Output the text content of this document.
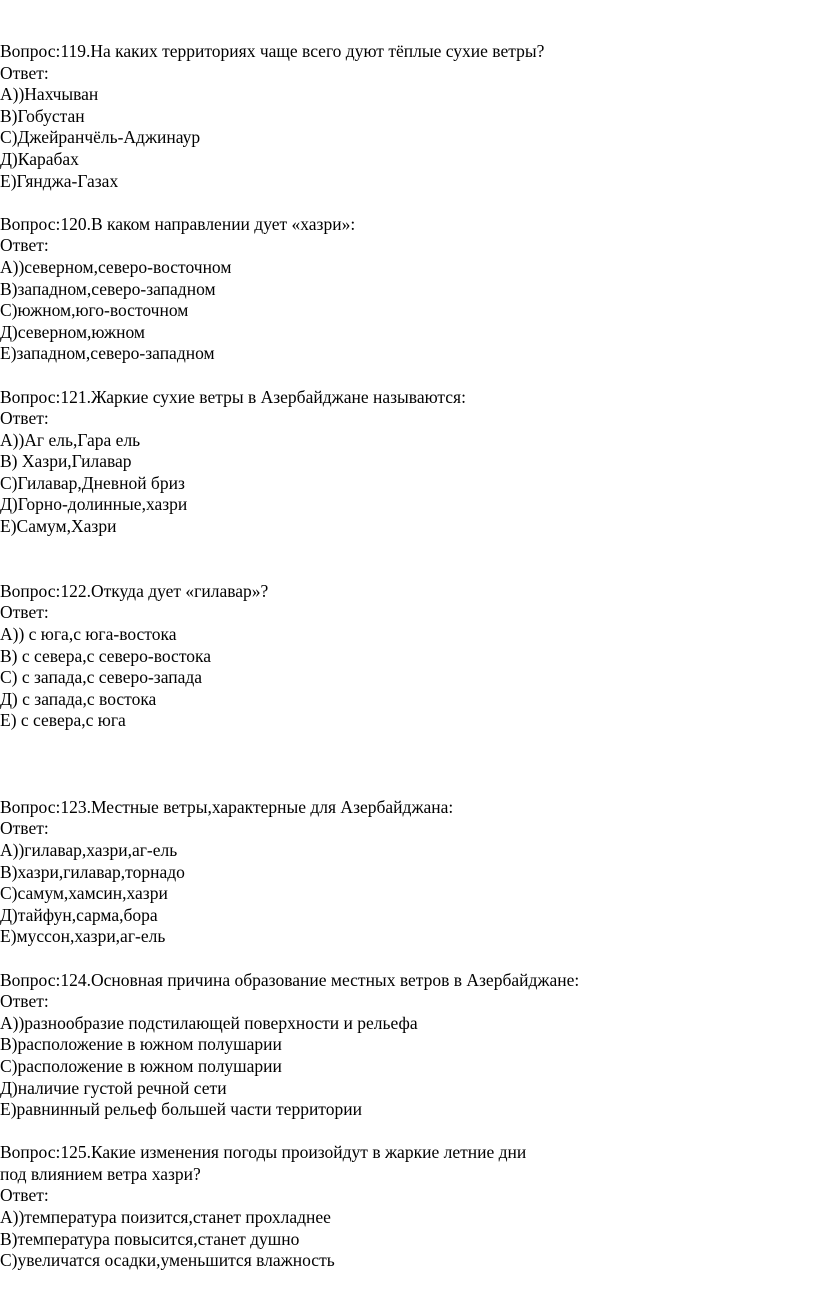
Вопрос:119.На каких территориях чаще всего дуют тёплые сухие ветры?

Ответ:

A))Нахчыван

B)Гобустан

C)Джейранчёль-Аджинаур

Д)Карабах

E)Гянджа-Газах

Вопрос:120.В каком направлении дует «хазри»:

Ответ:

A))северном,северо-восточном

B)западном,северо-западном

C)южном,юго-восточном

Д)северном,южном

E)западном,северо-западном

Вопрос:121.Жаркие сухие ветры в Азербайджане называются:

Ответ:

A))Аг ель,Гара ель

B) Хазри,Гилавар

C)Гилавар,Дневной бриз

Д)Горно-долинные,хазри

E)Самум,Хазри

Вопрос:122.Откуда дует «гилавар»?

Ответ:

A)) с юга,с юга-востока

B) с севера,с северо-востока

C) с запада,с северо-запада

Д) с запада,с востока

E) с севера,с юга

Вопрос:123.Местные ветры,характерные для Азербайджана:

Ответ:

A))гилавар,хазри,аг-ель

B)хазри,гилавар,торнадо

C)самум,хамсин,хазри

Д)тайфун,сарма,бора

E)муссон,хазри,аг-ель

Вопрос:124.Основная причина образование местных ветров в Азербайджане:

Ответ:

A))разнообразие подстилающей поверхности и рельефа

B)расположение в южном полушарии

C)расположение в южном полушарии

Д)наличие густой речной сети

E)равнинный рельеф большей части территории

Вопрос:125.Какие изменения погоды произойдут в жаркие летние дни

под влиянием ветра хазри?

Ответ:

A))температура поизится,станет прохладнее

B)температура повысится,станет душно

C)увеличатся осадки,уменьшится влажность
